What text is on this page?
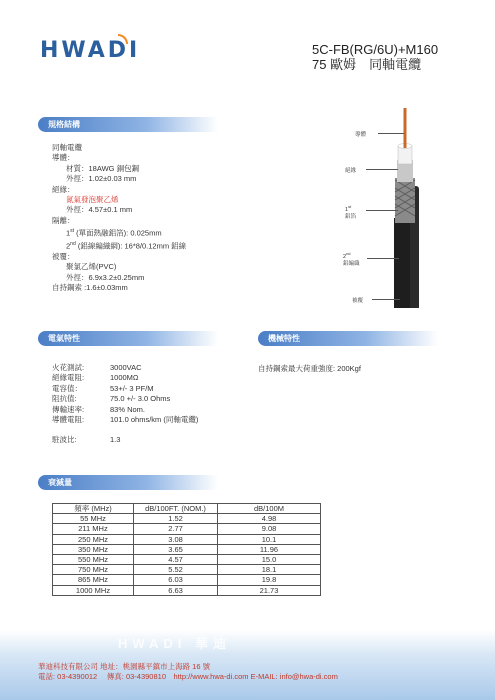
HWADI	5C-FB(RG/6U)+M160
75 歐姆　同軸電纜
規格結構
同軸電纜
導體：
材質：18AWG 銅包鋼
外徑：1.02±0.03 mm
絕緣：
氮氣發泡聚乙烯
外徑：4.57±0.1 mm
隔離：
1st (單面熱融鋁箔): 0.025mm
2nd (鋁線編織網): 16*8/0.12mm 鋁線
被覆：
聚氯乙烯(PVC)
外徑：6.9x3.2±0.25mm
自持鋼索 :1.6±0.03mm
導體
絕緣
1st
鋁箔
2nd
鋁編織
被覆
電氣特性	機械特性
火花測試:	3000VAC
絕緣電阻:	1000MΩ
電容值：	53+/- 3 PF/M
阻抗值:	75.0 +/- 3.0 Ohms
傳輸速率:	83% Nom.
導體電阻:	101.0 ohms/km (同軸電纜)
駐波比:	1.3
自持鋼索最大荷重強度: 200Kgf
衰減量
頻率 (MHz)	dB/100FT. (NOM.)	dB/100M
55 MHz	1.52	4.98
211 MHz	2.77	9.08
250 MHz	3.08	10.1
350 MHz	3.65	11.96
550 MHz	4.57	15.0
750 MHz	5.52	18.1
865 MHz	6.03	19.8
1000 MHz	6.63	21.73
HWADI 華迪
華迪科技有限公司 地址：桃園縣平鎮市上海路 16 號
電話: 03-4390012　 傳真: 03-4390810　http://www.hwa-di.com E-MAIL: info@hwa-di.com
